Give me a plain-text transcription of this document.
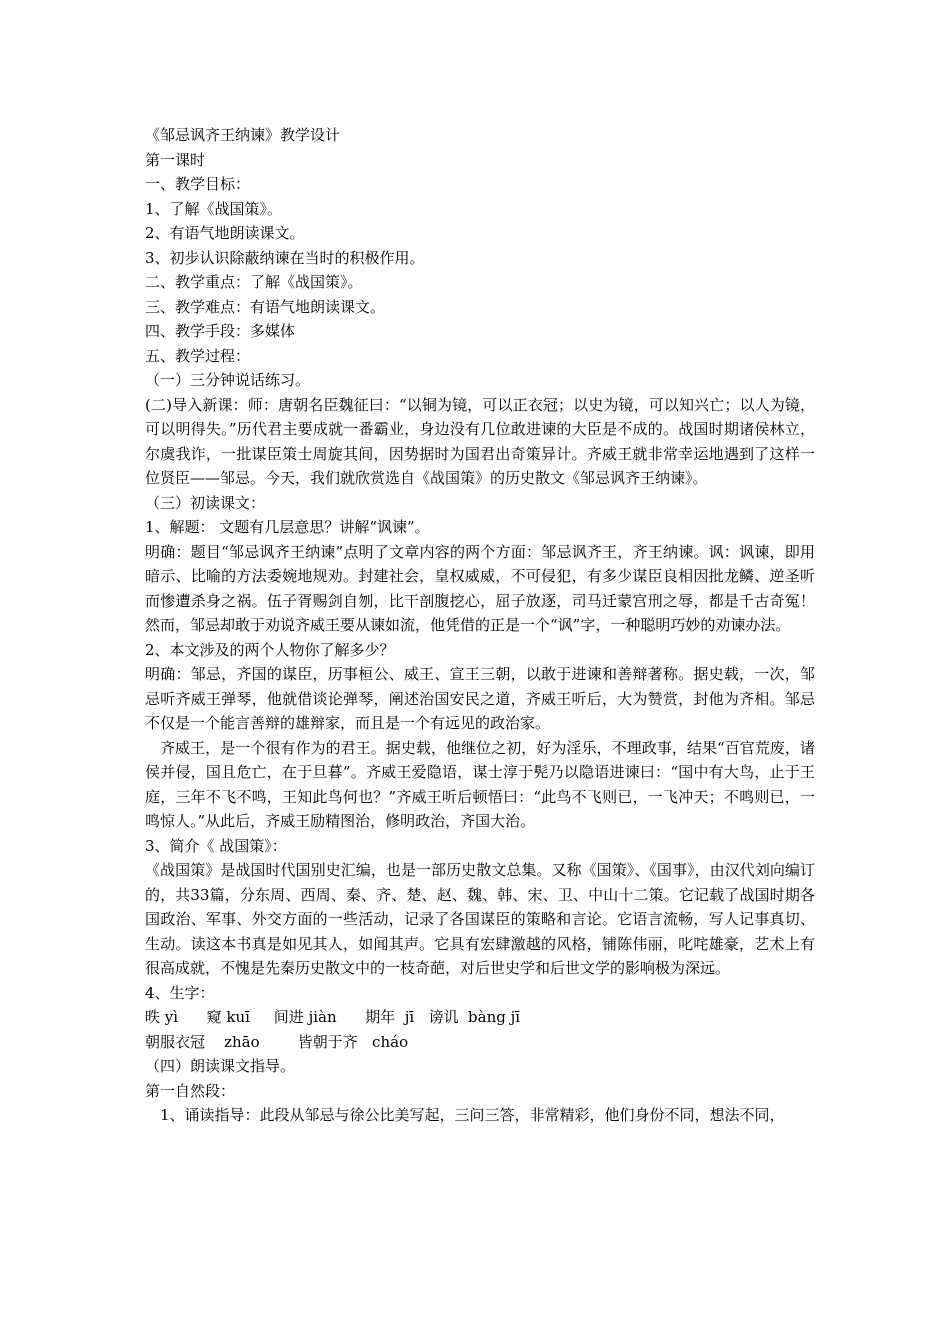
《邹忌讽齐王纳谏》教学设计
第一课时
一、教学目标：
1、了解《战国策》。
2、有语气地朗读课文。
3、初步认识除蔽纳谏在当时的积极作用。
二、教学重点：了解《战国策》。
三、教学难点：有语气地朗读课文。
四、教学手段：多媒体
五、教学过程：
（一）三分钟说话练习。
(二)导入新课：师：唐朝名臣魏征曰：“以铜为镜，可以正衣冠；以史为镜，可以知兴亡；以人为镜，可以明得失。”历代君主要成就一番霸业，身边没有几位敢进谏的大臣是不成的。战国时期诸侯林立，尔虞我诈，一批谋臣策士周旋其间，因势据时为国君出奇策异计。齐威王就非常幸运地遇到了这样一位贤臣——邹忌。今天，我们就欣赏选自《战国策》的历史散文《邹忌讽齐王纳谏》。
（三）初读课文：
1、解题： 文题有几层意思？讲解“讽谏”。
明确：题目“邹忌讽齐王纳谏”点明了文章内容的两个方面：邹忌讽齐王，齐王纳谏。讽：讽谏，即用暗示、比喻的方法委婉地规劝。封建社会，皇权威威，不可侵犯，有多少谋臣良相因批龙鳞、逆圣听而惨遭杀身之祸。伍子胥赐剑自刎，比干剖腹挖心，屈子放逐，司马迁蒙宫刑之辱，都是千古奇冤！然而，邹忌却敢于劝说齐威王要从谏如流，他凭借的正是一个“讽”字，一种聪明巧妙的劝谏办法。
2、本文涉及的两个人物你了解多少？
明确：邹忌，齐国的谋臣，历事桓公、威王、宣王三朝，以敢于进谏和善辩著称。据史载，一次，邹忌听齐威王弹琴，他就借谈论弹琴，阐述治国安民之道，齐威王听后，大为赞赏，封他为齐相。邹忌不仅是一个能言善辩的雄辩家，而且是一个有远见的政治家。
齐威王，是一个很有作为的君王。据史载，他继位之初，好为淫乐，不理政事，结果“百官荒废，诸侯并侵，国且危亡，在于旦暮”。齐威王爱隐语，谋士淳于髡乃以隐语进谏曰：“国中有大鸟，止于王庭，三年不飞不鸣，王知此鸟何也？”齐威王听后顿悟曰：“此鸟不飞则已，一飞冲天；不鸣则已，一鸣惊人。”从此后，齐威王励精图治，修明政治，齐国大治。
3、简介《 战国策》：
《战国策》是战国时代国别史汇编，也是一部历史散文总集。又称《国策》、《国事》，由汉代刘向编订的，共33篇，分东周、西周、秦、齐、楚、赵、魏、韩、宋、卫、中山十二策。它记载了战国时期各国政治、军事、外交方面的一些活动，记录了各国谋臣的策略和言论。它语言流畅，写人记事真切、生动。读这本书真是如见其人，如闻其声。它具有宏肆激越的风格，铺陈伟丽，叱咤雄豪，艺术上有很高成就，不愧是先秦历史散文中的一枝奇葩，对后世史学和后世文学的影响极为深远。
4、生字：
昳 yì      窥 kuī     间进 jiàn      期年  jī   谤讥  bàng jī
朝服衣冠    zhāo        皆朝于齐   cháo
（四）朗读课文指导。
第一自然段：
1、诵读指导：此段从邹忌与徐公比美写起，三问三答，非常精彩，他们身份不同，想法不同，
